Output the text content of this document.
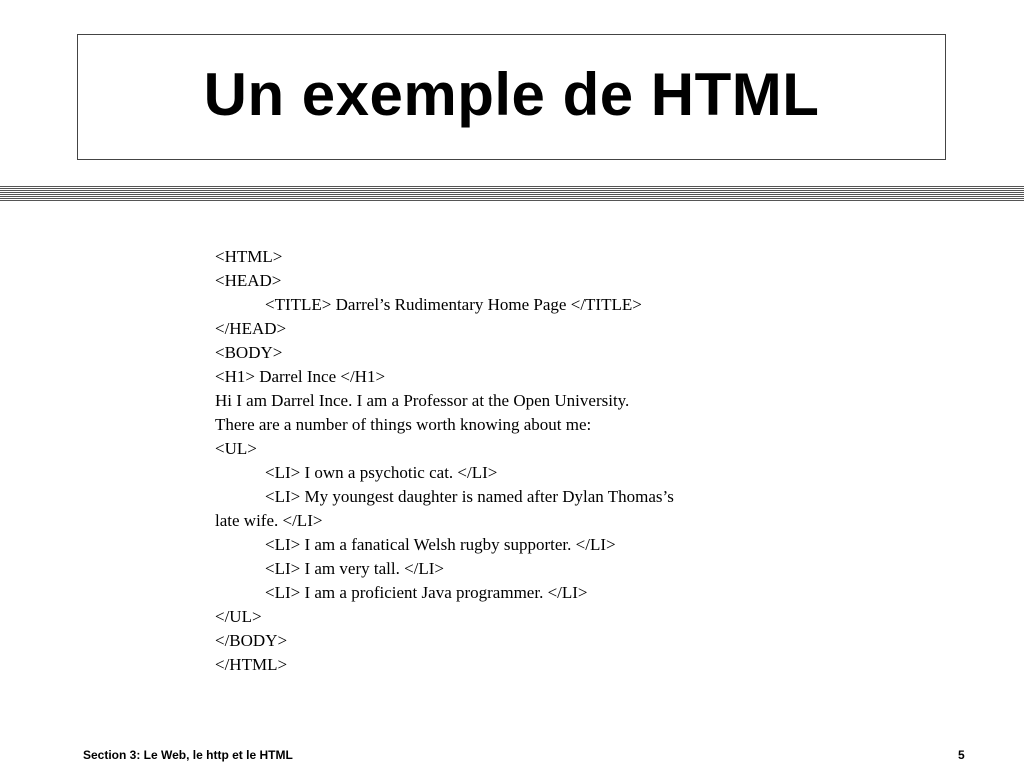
Un exemple de HTML
<HTML>
<HEAD>
<TITLE> Darrel’s Rudimentary Home Page </TITLE>
</HEAD>
<BODY>
<H1> Darrel Ince </H1>
Hi I am Darrel Ince. I am a Professor at the Open University.
There are a number of things worth knowing about me:
<UL>
<LI> I own a psychotic cat. </LI>
<LI> My youngest daughter is named after Dylan Thomas’s
late wife. </LI>
<LI> I am a fanatical Welsh rugby supporter. </LI>
<LI> I am very tall. </LI>
<LI> I am a proficient Java programmer. </LI>
</UL>
</BODY>
</HTML>
Section 3: Le Web, le http et le HTML	5
